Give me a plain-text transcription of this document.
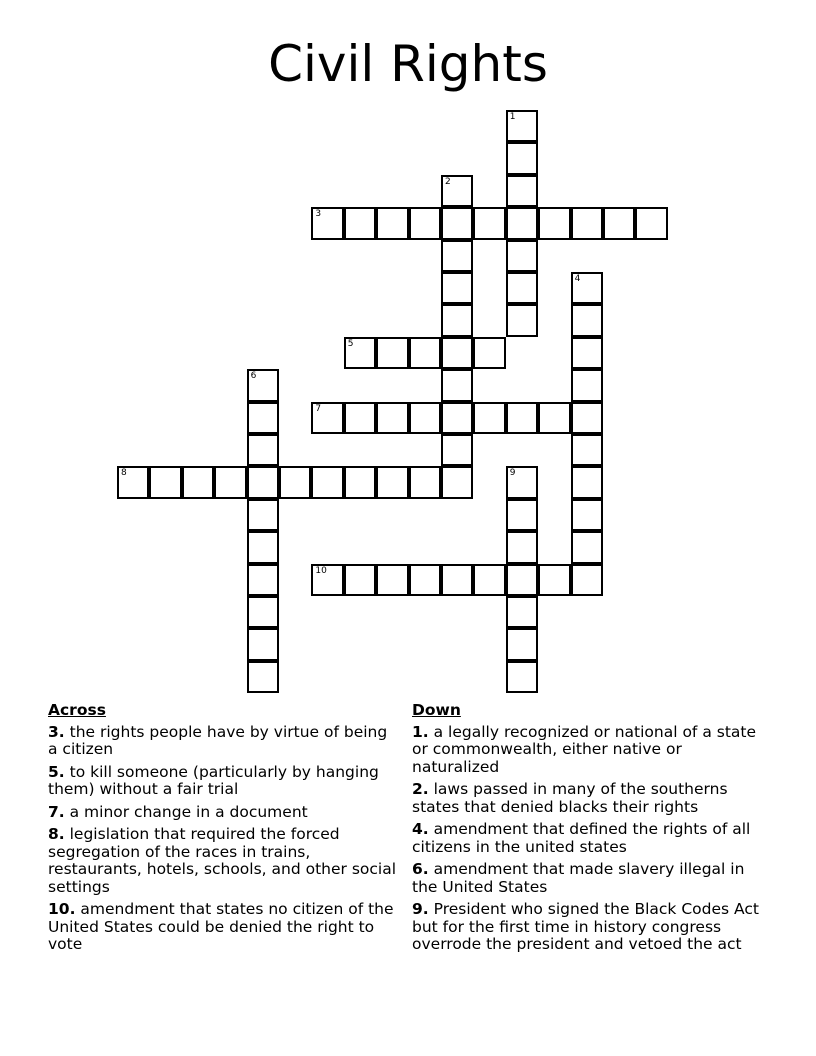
Civil Rights
1
2
3
4
5
6
7
8	9
10
Across
3. the rights people have by virtue of being a citizen
5. to kill someone (particularly by hanging them) without a fair trial
7. a minor change in a document
8. legislation that required the forced segregation of the races in trains, restaurants, hotels, schools, and other social settings
10. amendment that states no citizen of the United States could be denied the right to vote
Down
1. a legally recognized or national of a state or commonwealth, either native or naturalized
2. laws passed in many of the southerns states that denied blacks their rights
4. amendment that defined the rights of all citizens in the united states
6. amendment that made slavery illegal in the United States
9. President who signed the Black Codes Act but for the first time in history congress overrode the president and vetoed the act
